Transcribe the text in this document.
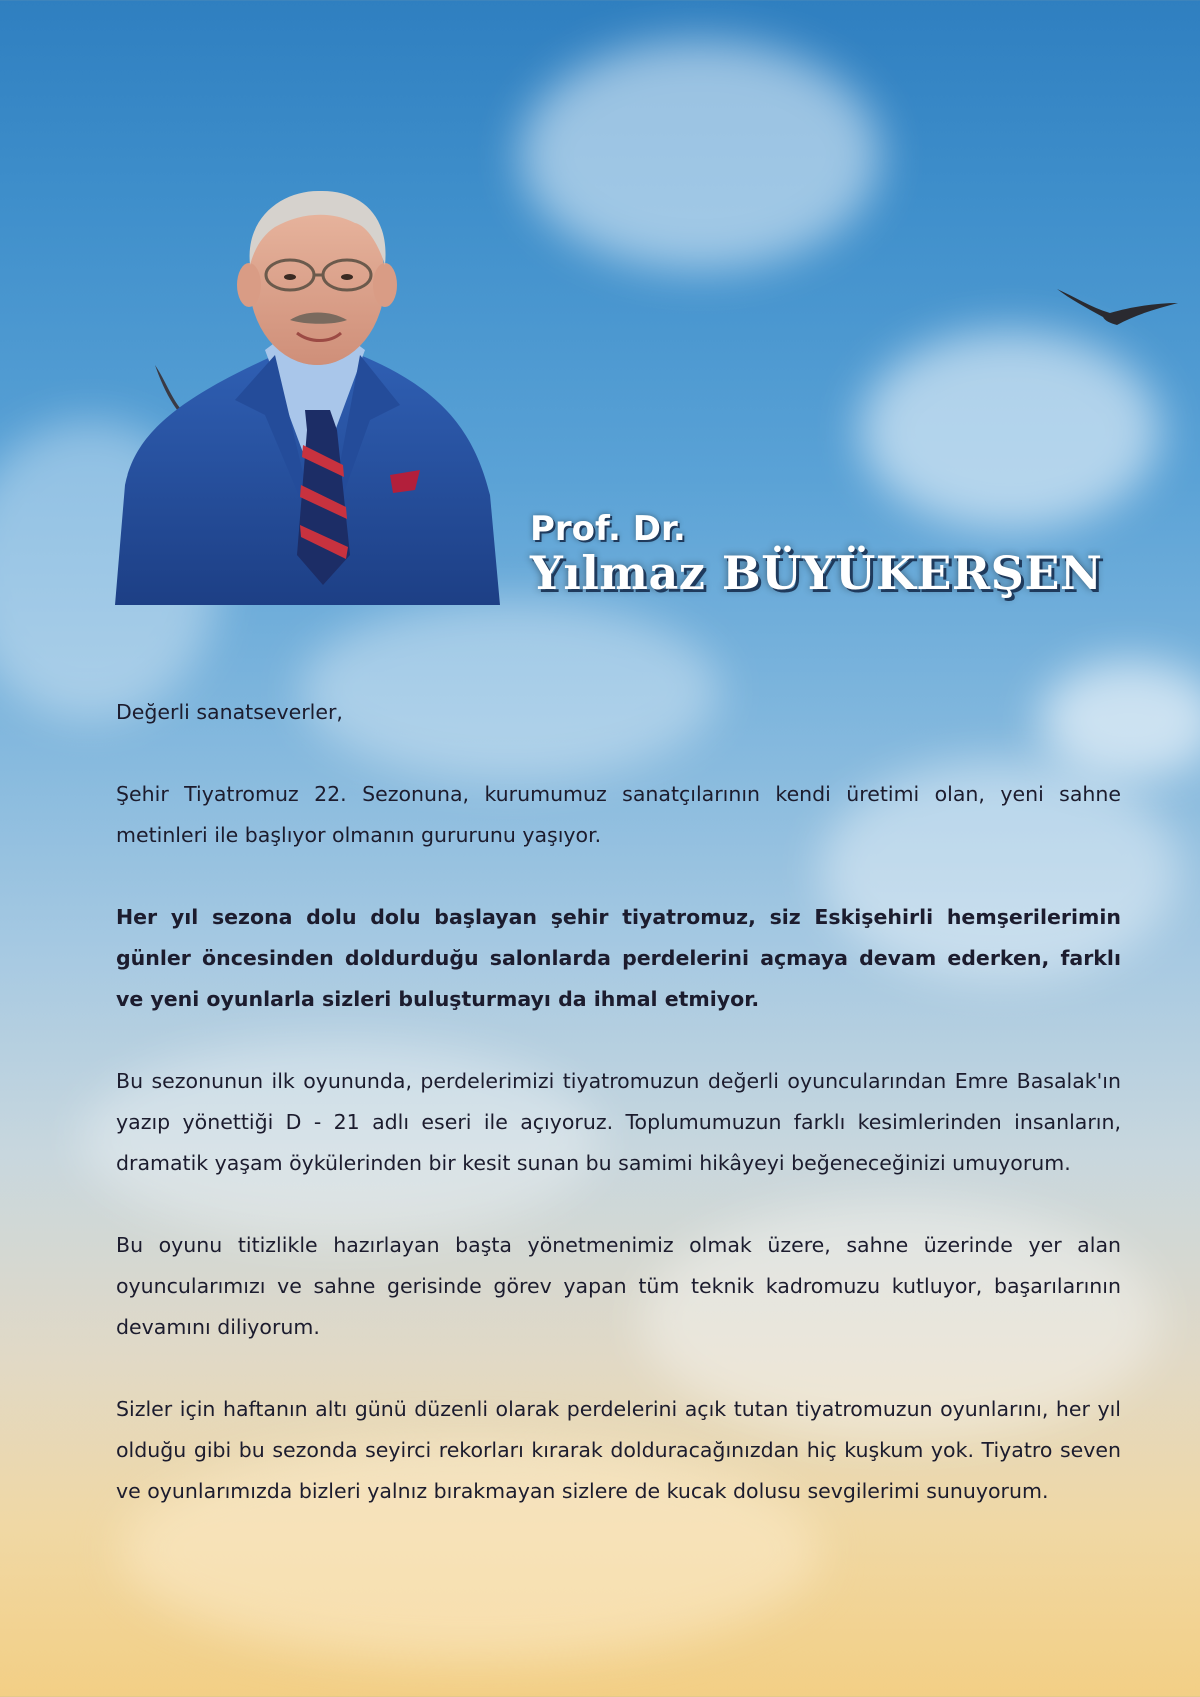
Prof. Dr.
Yılmaz BÜYÜKERŞEN

Değerli sanatseverler,

Şehir Tiyatromuz 22. Sezonuna, kurumumuz sanatçılarının kendi üretimi olan, yeni sahne metinleri ile başlıyor olmanın gururunu yaşıyor.

Her yıl sezona dolu dolu başlayan şehir tiyatromuz, siz Eskişehirli hemşerilerimin günler öncesinden doldurduğu salonlarda perdelerini açmaya devam ederken, farklı ve yeni oyunlarla sizleri buluşturmayı da ihmal etmiyor.

Bu sezonunun ilk oyununda, perdelerimizi tiyatromuzun değerli oyuncularından Emre Basalak'ın yazıp yönettiği D - 21 adlı eseri ile açıyoruz. Toplumumuzun farklı kesimlerinden insanların, dramatik yaşam öykülerinden bir kesit sunan bu samimi hikâyeyi beğeneceğinizi umuyorum.

Bu oyunu titizlikle hazırlayan başta yönetmenimiz olmak üzere, sahne üzerinde yer alan oyuncularımızı ve sahne gerisinde görev yapan tüm teknik kadromuzu kutluyor, başarılarının devamını diliyorum.

Sizler için haftanın altı günü düzenli olarak perdelerini açık tutan tiyatromuzun oyunlarını, her yıl olduğu gibi bu sezonda seyirci rekorları kırarak dolduracağınızdan hiç kuşkum yok. Tiyatro seven ve oyunlarımızda bizleri yalnız bırakmayan sizlere de kucak dolusu sevgilerimi sunuyorum.
